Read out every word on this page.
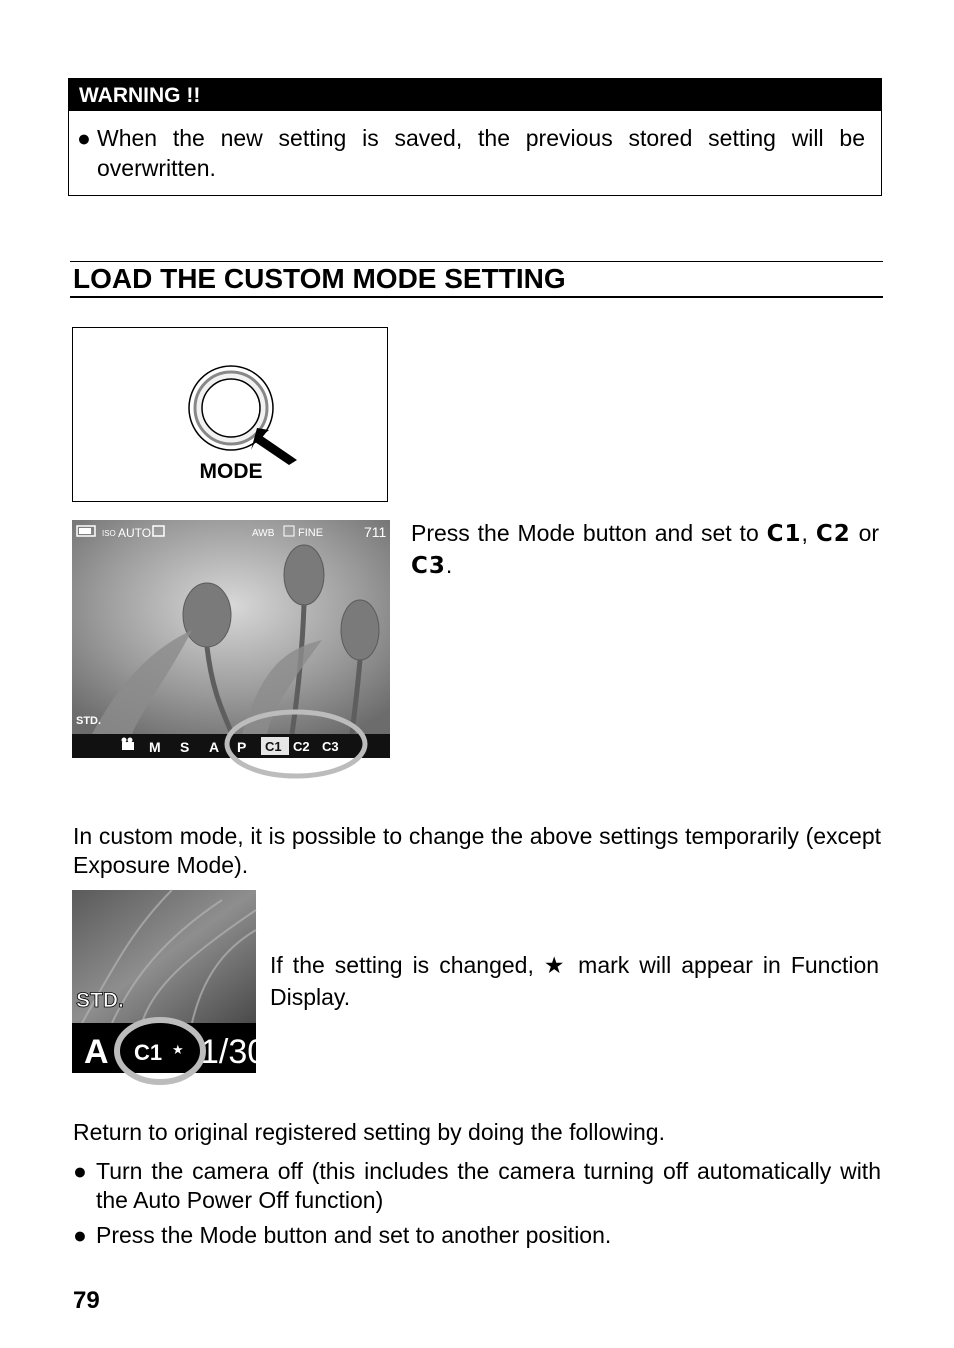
WARNING !!
● When the new setting is saved, the previous stored setting will be overwritten.
LOAD THE CUSTOM MODE SETTING
MODE
ISO AUTO	AWB FINE	711
STD.
M S A P C1 C2 C3
Press the Mode button and set to C1, C2 or C3.
In custom mode, it is possible to change the above settings temporarily (except Exposure Mode).
STD.
A C1 ★ 1/30
If the setting is changed, ★ mark will appear in Function Display.
Return to original registered setting by doing the following.
● Turn the camera off (this includes the camera turning off automatically with the Auto Power Off function)
● Press the Mode button and set to another position.
79
